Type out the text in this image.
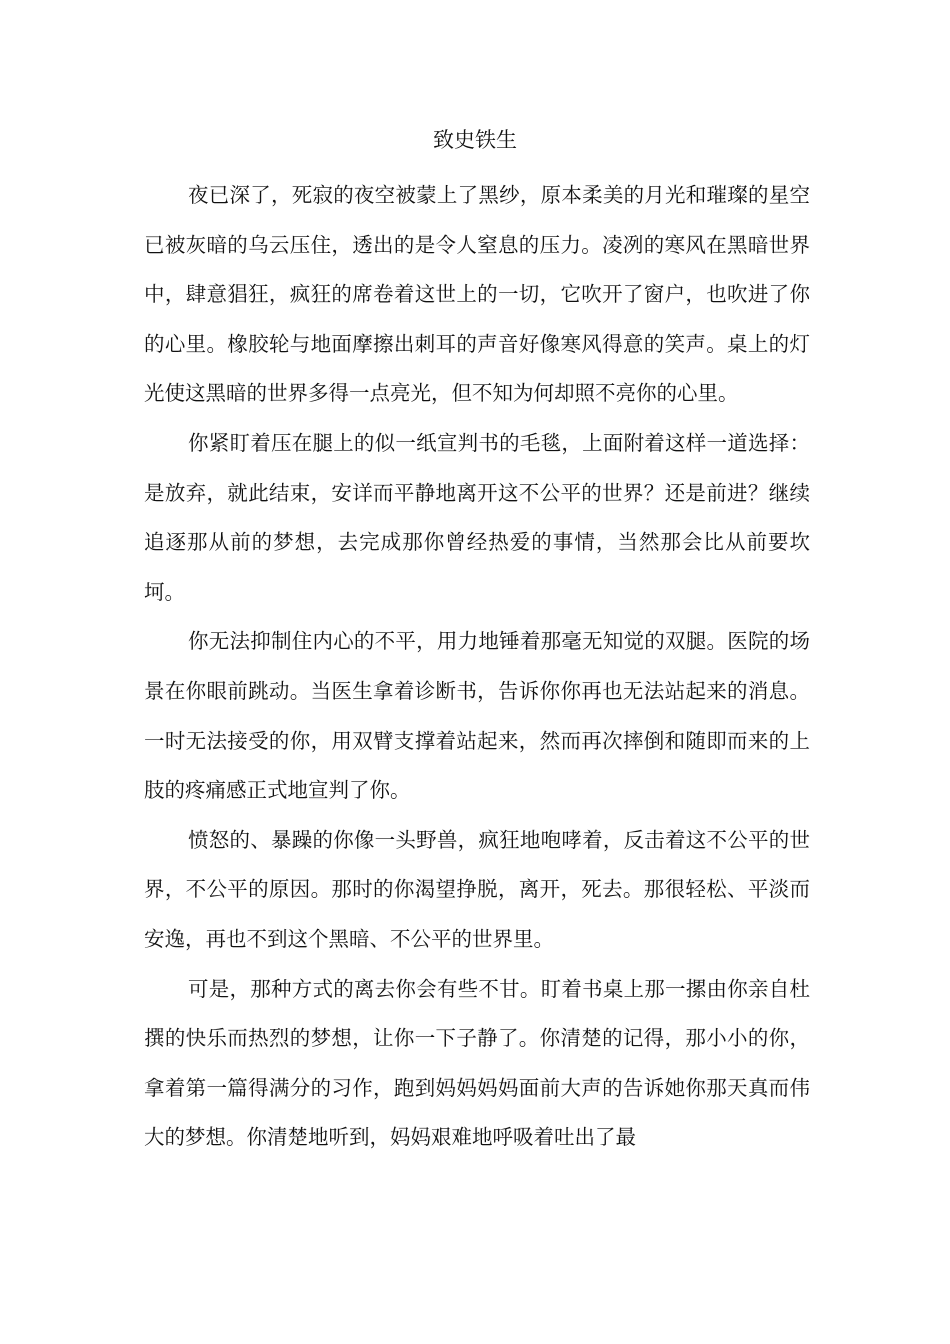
致史铁生

夜已深了，死寂的夜空被蒙上了黑纱，原本柔美的月光和璀璨的星空已被灰暗的乌云压住，透出的是令人窒息的压力。凌冽的寒风在黑暗世界中，肆意猖狂，疯狂的席卷着这世上的一切，它吹开了窗户，也吹进了你的心里。橡胶轮与地面摩擦出刺耳的声音好像寒风得意的笑声。桌上的灯光使这黑暗的世界多得一点亮光，但不知为何却照不亮你的心里。

你紧盯着压在腿上的似一纸宣判书的毛毯，上面附着这样一道选择：是放弃，就此结束，安详而平静地离开这不公平的世界？还是前进？继续追逐那从前的梦想，去完成那你曾经热爱的事情，当然那会比从前要坎坷。

你无法抑制住内心的不平，用力地锤着那毫无知觉的双腿。医院的场景在你眼前跳动。当医生拿着诊断书，告诉你你再也无法站起来的消息。一时无法接受的你，用双臂支撑着站起来，然而再次摔倒和随即而来的上肢的疼痛感正式地宣判了你。

愤怒的、暴躁的你像一头野兽，疯狂地咆哮着，反击着这不公平的世界，不公平的原因。那时的你渴望挣脱，离开，死去。那很轻松、平淡而安逸，再也不到这个黑暗、不公平的世界里。

可是，那种方式的离去你会有些不甘。盯着书桌上那一摞由你亲自杜撰的快乐而热烈的梦想，让你一下子静了。你清楚的记得，那小小的你，拿着第一篇得满分的习作，跑到妈妈妈妈面前大声的告诉她你那天真而伟大的梦想。你清楚地听到，妈妈艰难地呼吸着吐出了最
